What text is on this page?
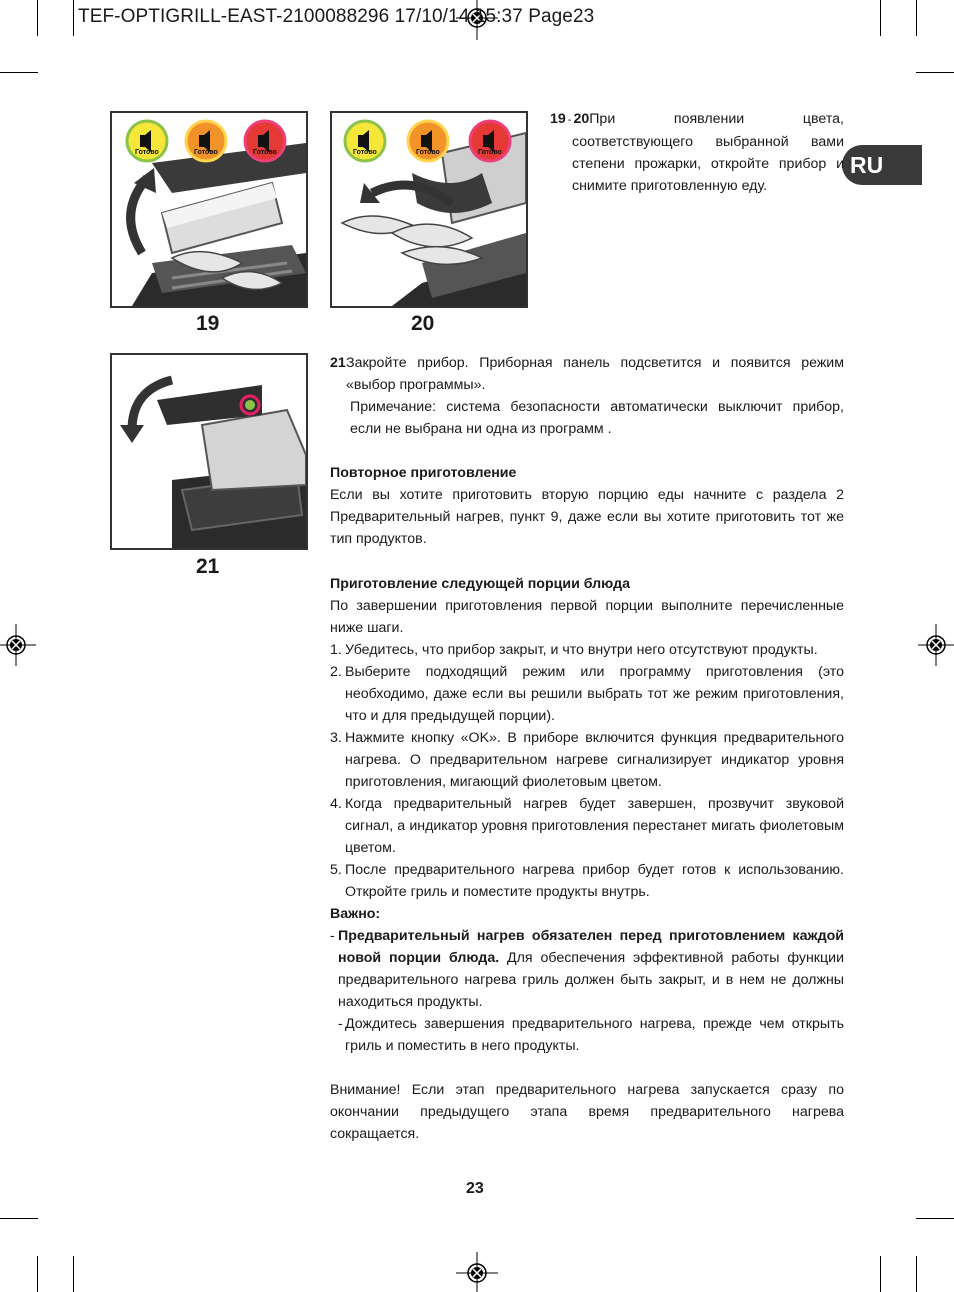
TEF-OPTIGRILL-EAST-2100088296 17/10/14 15:37 Page23
RU
Готово	Готово	Готово
19
Готово	Готово	Готово
20
21
19 - 20 При появлении цвета,
соответствующего выбранной вами
степени прожарки, откройте прибор и
снимите приготовленную еду.
21 Закройте прибор. Приборная панель подсветится и появится режим «выбор программы».
Примечание: система безопасности автоматически выключит прибор, если не выбрана ни одна из программ .
Повторное приготовление
Если вы хотите приготовить вторую порцию еды начните с раздела 2 Предварительный нагрев, пункт 9, даже если вы хотите приготовить тот же тип продуктов.
Приготовление следующей порции блюда
По завершении приготовления первой порции выполните перечисленные ниже шаги.
1. Убедитесь, что прибор закрыт, и что внутри него отсутствуют продукты.
2. Выберите подходящий режим или программу приготовления (это необходимо, даже если вы решили выбрать тот же режим приготовления, что и для предыдущей порции).
3. Нажмите кнопку «OK». В приборе включится функция предварительного нагрева. О предварительном нагреве сигнализирует индикатор уровня приготовления, мигающий фиолетовым цветом.
4. Когда предварительный нагрев будет завершен, прозвучит звуковой сигнал, а индикатор уровня приготовления перестанет мигать фиолетовым цветом.
5. После предварительного нагрева прибор будет готов к использованию. Откройте гриль и поместите продукты внутрь.
Важно:
- Предварительный нагрев обязателен перед приготовлением каждой новой порции блюда. Для обеспечения эффективной работы функции предварительного нагрева гриль должен быть закрыт, и в нем не должны находиться продукты.
- Дождитесь завершения предварительного нагрева, прежде чем открыть гриль и поместить в него продукты.
Внимание! Если этап предварительного нагрева запускается сразу по окончании предыдущего этапа время предварительного нагрева сокращается.
23
